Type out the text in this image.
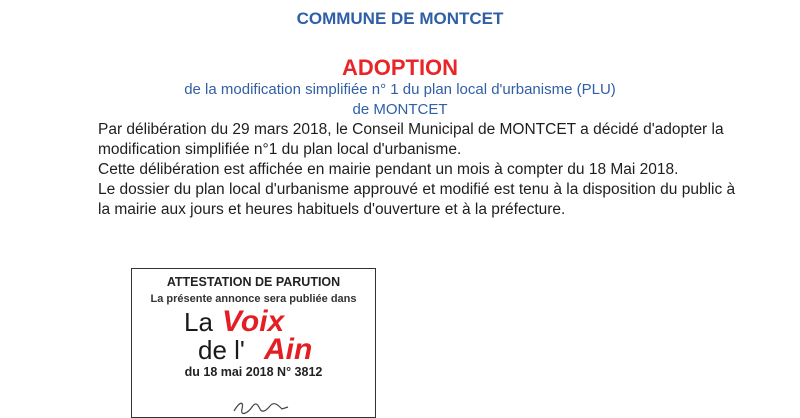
COMMUNE DE MONTCET
ADOPTION
de la modification simplifiée n° 1 du plan local d'urbanisme (PLU)
de MONTCET

Par délibération du 29 mars 2018, le Conseil Municipal de MONTCET a décidé d'adopter la modification simplifiée n°1 du plan local d'urbanisme.

Cette délibération est affichée en mairie pendant un mois à compter du 18 Mai 2018.

Le dossier du plan local d'urbanisme approuvé et modifié est tenu à la disposition du public à la mairie aux jours et heures habituels d'ouverture et à la préfecture.

ATTESTATION DE PARUTION
La présente annonce sera publiée dans
La Voix
de l' Ain
du 18 mai 2018 N° 3812
